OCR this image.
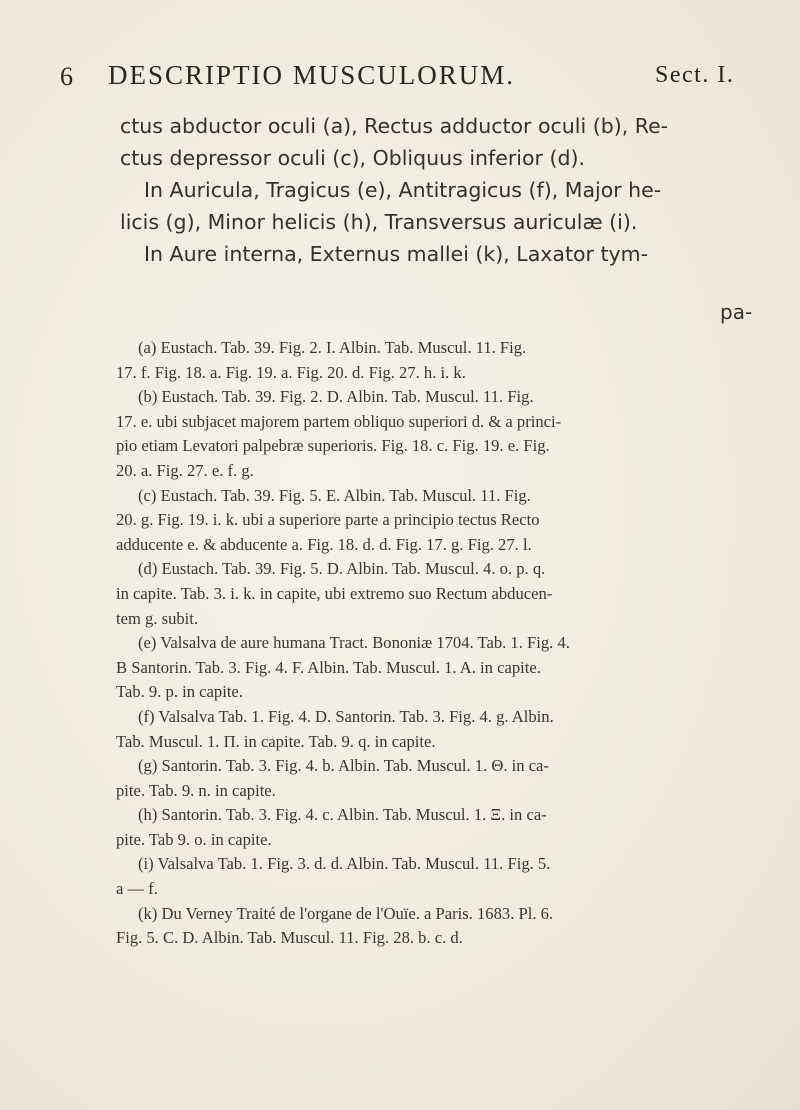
6 DESCRIPTIO MUSCULORUM.	Sect. I.

ctus abductor oculi (a), Rectus adductor oculi (b), Re-

ctus depressor oculi (c), Obliquus inferior (d).

In Auricula, Tragicus (e), Antitragicus (f), Major he-

licis (g), Minor helicis (h), Transversus auriculæ (i).

In Aure interna, Externus mallei (k), Laxator tym-

pa-

(a) Eustach. Tab. 39. Fig. 2. I. Albin. Tab. Muscul. 11. Fig.

17. f. Fig. 18. a. Fig. 19. a. Fig. 20. d. Fig. 27. h. i. k.

(b) Eustach. Tab. 39. Fig. 2. D. Albin. Tab. Muscul. 11. Fig.

17. e. ubi subjacet majorem partem obliquo superiori d. & a princi-

pio etiam Levatori palpebræ superioris. Fig. 18. c. Fig. 19. e. Fig.

20. a. Fig. 27. e. f. g.

(c) Eustach. Tab. 39. Fig. 5. E. Albin. Tab. Muscul. 11. Fig.

20. g. Fig. 19. i. k. ubi a superiore parte a principio tectus Recto

adducente e. & abducente a. Fig. 18. d. d. Fig. 17. g. Fig. 27. l.

(d) Eustach. Tab. 39. Fig. 5. D. Albin. Tab. Muscul. 4. o. p. q.

in capite. Tab. 3. i. k. in capite, ubi extremo suo Rectum abducen-

tem g. subit.

(e) Valsalva de aure humana Tract. Bononiæ 1704. Tab. 1. Fig. 4.

B Santorin. Tab. 3. Fig. 4. F. Albin. Tab. Muscul. 1. A. in capite.

Tab. 9. p. in capite.

(f) Valsalva Tab. 1. Fig. 4. D. Santorin. Tab. 3. Fig. 4. g. Albin.

Tab. Muscul. 1. Π. in capite. Tab. 9. q. in capite.

(g) Santorin. Tab. 3. Fig. 4. b. Albin. Tab. Muscul. 1. Θ. in ca-

pite. Tab. 9. n. in capite.

(h) Santorin. Tab. 3. Fig. 4. c. Albin. Tab. Muscul. 1. Ξ. in ca-

pite. Tab 9. o. in capite.

(i) Valsalva Tab. 1. Fig. 3. d. d. Albin. Tab. Muscul. 11. Fig. 5.

a — f.

(k) Du Verney Traité de l'organe de l'Ouïe. a Paris. 1683. Pl. 6.

Fig. 5. C. D. Albin. Tab. Muscul. 11. Fig. 28. b. c. d.
